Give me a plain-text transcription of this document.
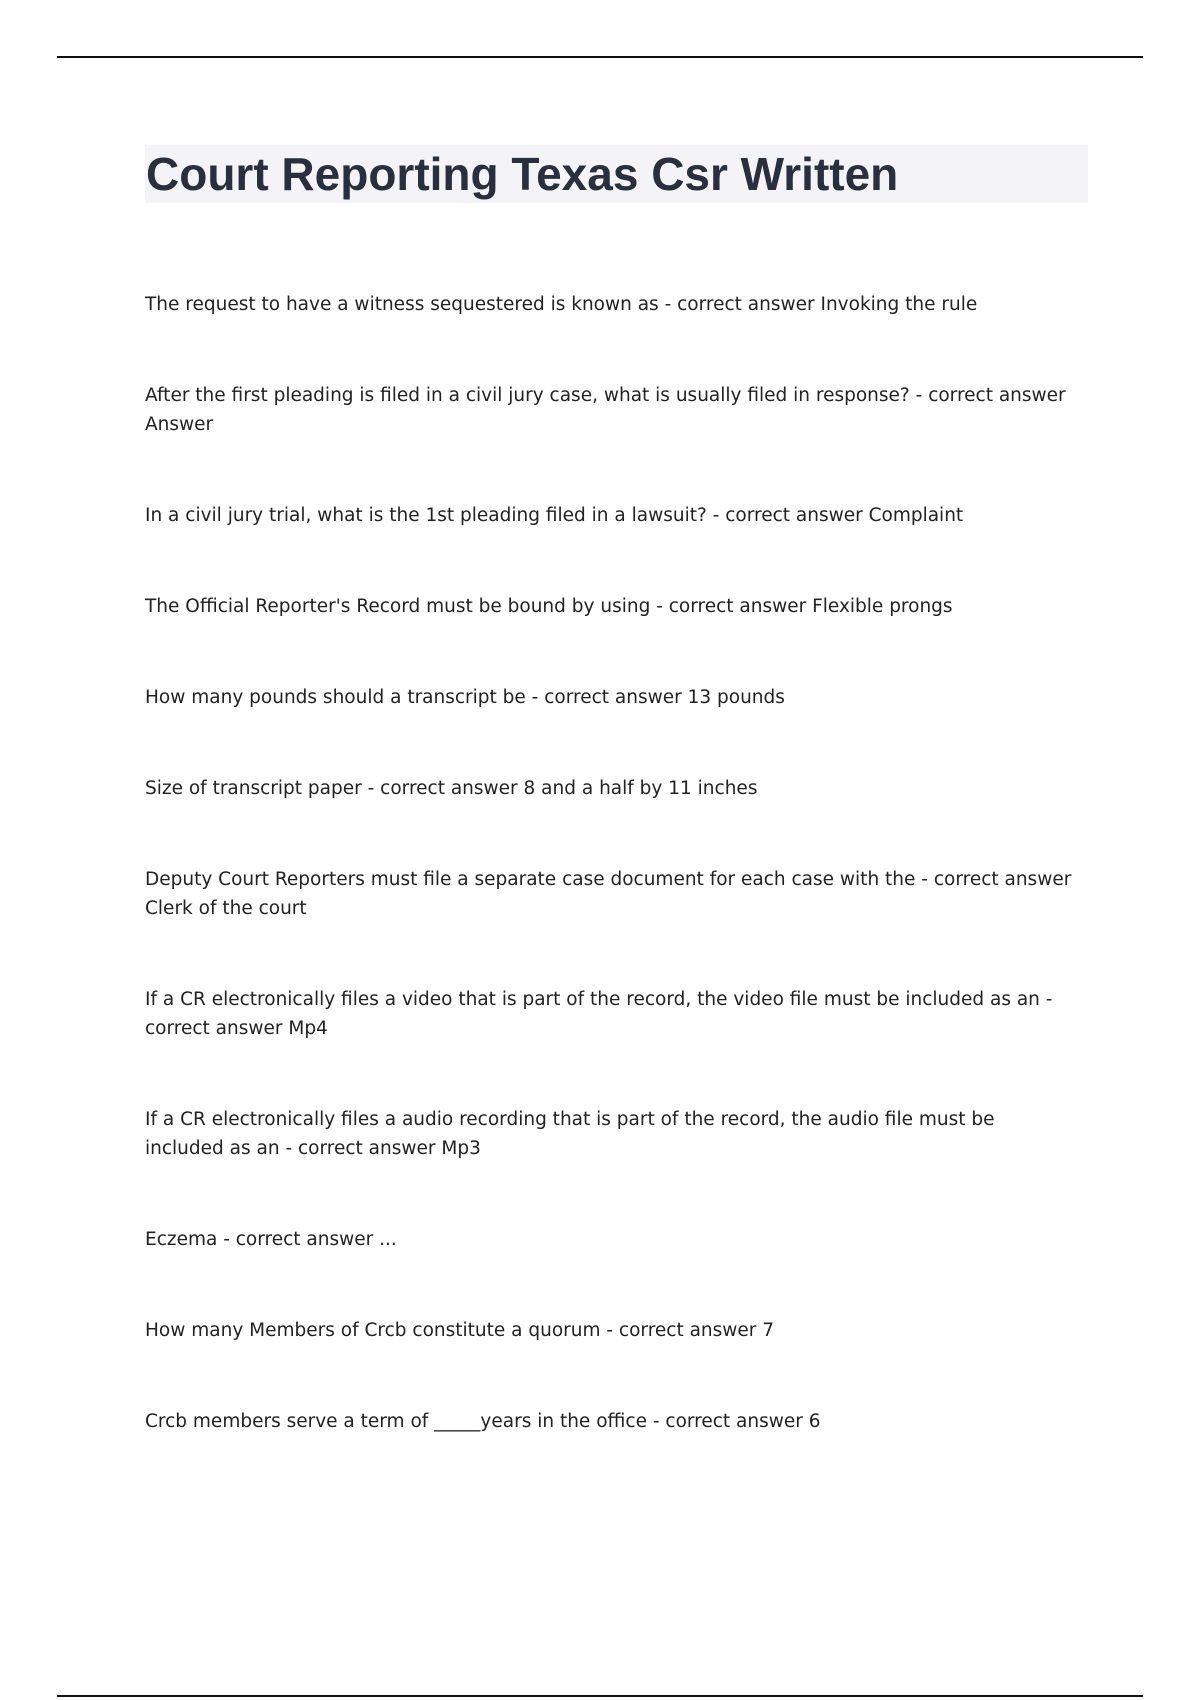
Court Reporting Texas Csr Written
The request to have a witness sequestered is known as - correct answer Invoking the rule
After the first pleading is filed in a civil jury case, what is usually filed in response? - correct answer Answer
In a civil jury trial, what is the 1st pleading filed in a lawsuit? - correct answer Complaint
The Official Reporter's Record must be bound by using - correct answer Flexible prongs
How many pounds should a transcript be - correct answer 13 pounds
Size of transcript paper - correct answer 8 and a half by 11 inches
Deputy Court Reporters must file a separate case document for each case with the - correct answer Clerk of the court
If a CR electronically files a video that is part of the record, the video file must be included as an - correct answer Mp4
If a CR electronically files a audio recording that is part of the record, the audio file must be included as an - correct answer Mp3
Eczema - correct answer ...
How many Members of Crcb constitute a quorum - correct answer 7
Crcb members serve a term of _____years in the office - correct answer 6
